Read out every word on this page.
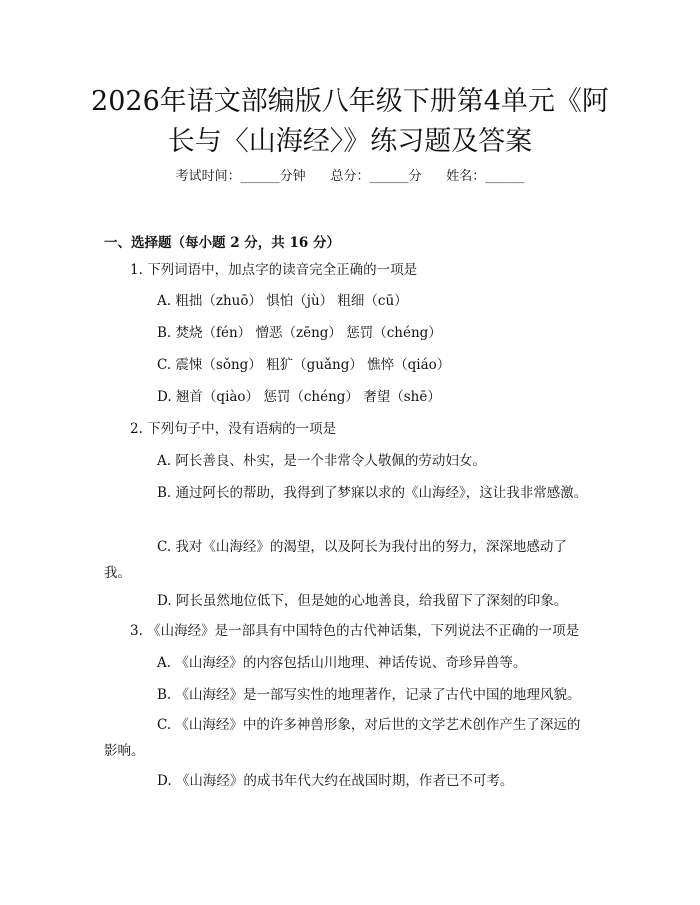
2026年语文部编版八年级下册第4单元《阿
长与〈山海经〉》练习题及答案
考试时间：______分钟 总分：______分 姓名：______
一、选择题（每小题 2 分，共 16 分）
1. 下列词语中，加点字的读音完全正确的一项是
A. 粗拙（zhuō） 惧怕（jù） 粗细（cū）
B. 焚烧（fén） 憎恶（zēng） 惩罚（chéng）
C. 震悚（sǒng） 粗犷（guǎng） 憔悴（qiáo）
D. 翘首（qiào） 惩罚（chéng） 奢望（shē）
2. 下列句子中，没有语病的一项是
A. 阿长善良、朴实，是一个非常令人敬佩的劳动妇女。
B. 通过阿长的帮助，我得到了梦寐以求的《山海经》，这让我非常感激。
C. 我对《山海经》的渴望，以及阿长为我付出的努力，深深地感动了我。
D. 阿长虽然地位低下，但是她的心地善良，给我留下了深刻的印象。
3. 《山海经》是一部具有中国特色的古代神话集，下列说法不正确的一项是
A. 《山海经》的内容包括山川地理、神话传说、奇珍异兽等。
B. 《山海经》是一部写实性的地理著作，记录了古代中国的地理风貌。
C. 《山海经》中的许多神兽形象，对后世的文学艺术创作产生了深远的影响。
D. 《山海经》的成书年代大约在战国时期，作者已不可考。
